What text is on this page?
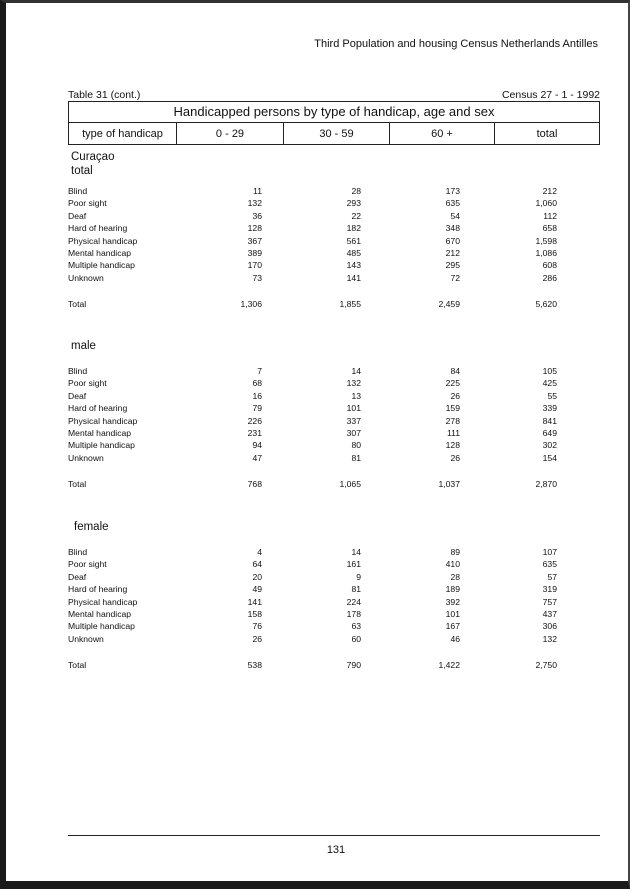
Third Population and housing Census Netherlands Antilles
Table 31 (cont.)	Census 27 - 1 - 1992
Handicapped persons by type of handicap, age and sex
type of handicap	0 - 29	30 - 59	60 +	total
Curaçao
total
Blind	11	28	173	212
Poor sight	132	293	635	1,060
Deaf	36	22	54	112
Hard of hearing	128	182	348	658
Physical handicap	367	561	670	1,598
Mental handicap	389	485	212	1,086
Multiple handicap	170	143	295	608
Unknown	73	141	72	286
Total	1,306	1,855	2,459	5,620
male
Blind	7	14	84	105
Poor sight	68	132	225	425
Deaf	16	13	26	55
Hard of hearing	79	101	159	339
Physical handicap	226	337	278	841
Mental handicap	231	307	111	649
Multiple handicap	94	80	128	302
Unknown	47	81	26	154
Total	768	1,065	1,037	2,870
female
Blind	4	14	89	107
Poor sight	64	161	410	635
Deaf	20	9	28	57
Hard of hearing	49	81	189	319
Physical handicap	141	224	392	757
Mental handicap	158	178	101	437
Multiple handicap	76	63	167	306
Unknown	26	60	46	132
Total	538	790	1,422	2,750
131
